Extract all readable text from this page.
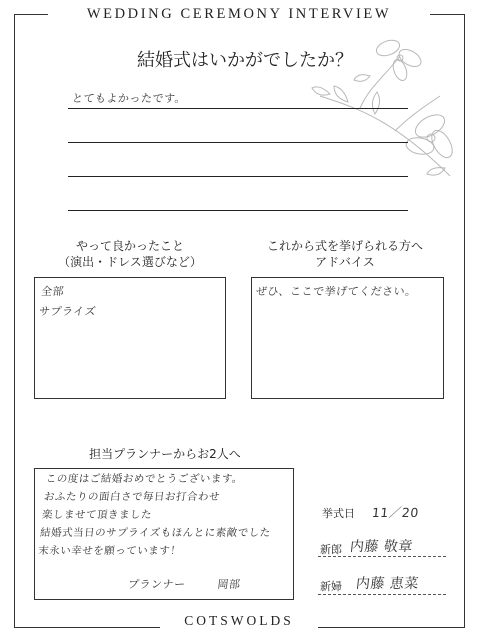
WEDDING CEREMONY INTERVIEW
COTSWOLDS
結婚式はいかがでしたか？
とてもよかったです。
やって良かったこと
（演出・ドレス選びなど）
全部
サプライズ
これから式を挙げられる方へ
アドバイス
ぜひ、ここで挙げてください。
担当プランナーからお2人へ
この度はご結婚おめでとうございます。
おふたりの面白さで毎日お打合わせ
楽しませて頂きました
結婚式当日のサプライズもほんとに素敵でした
末永い幸せを願っています！
プランナー	岡部
挙式日 11／20
新郎 内藤 敬章
新婦 内藤 恵菜
